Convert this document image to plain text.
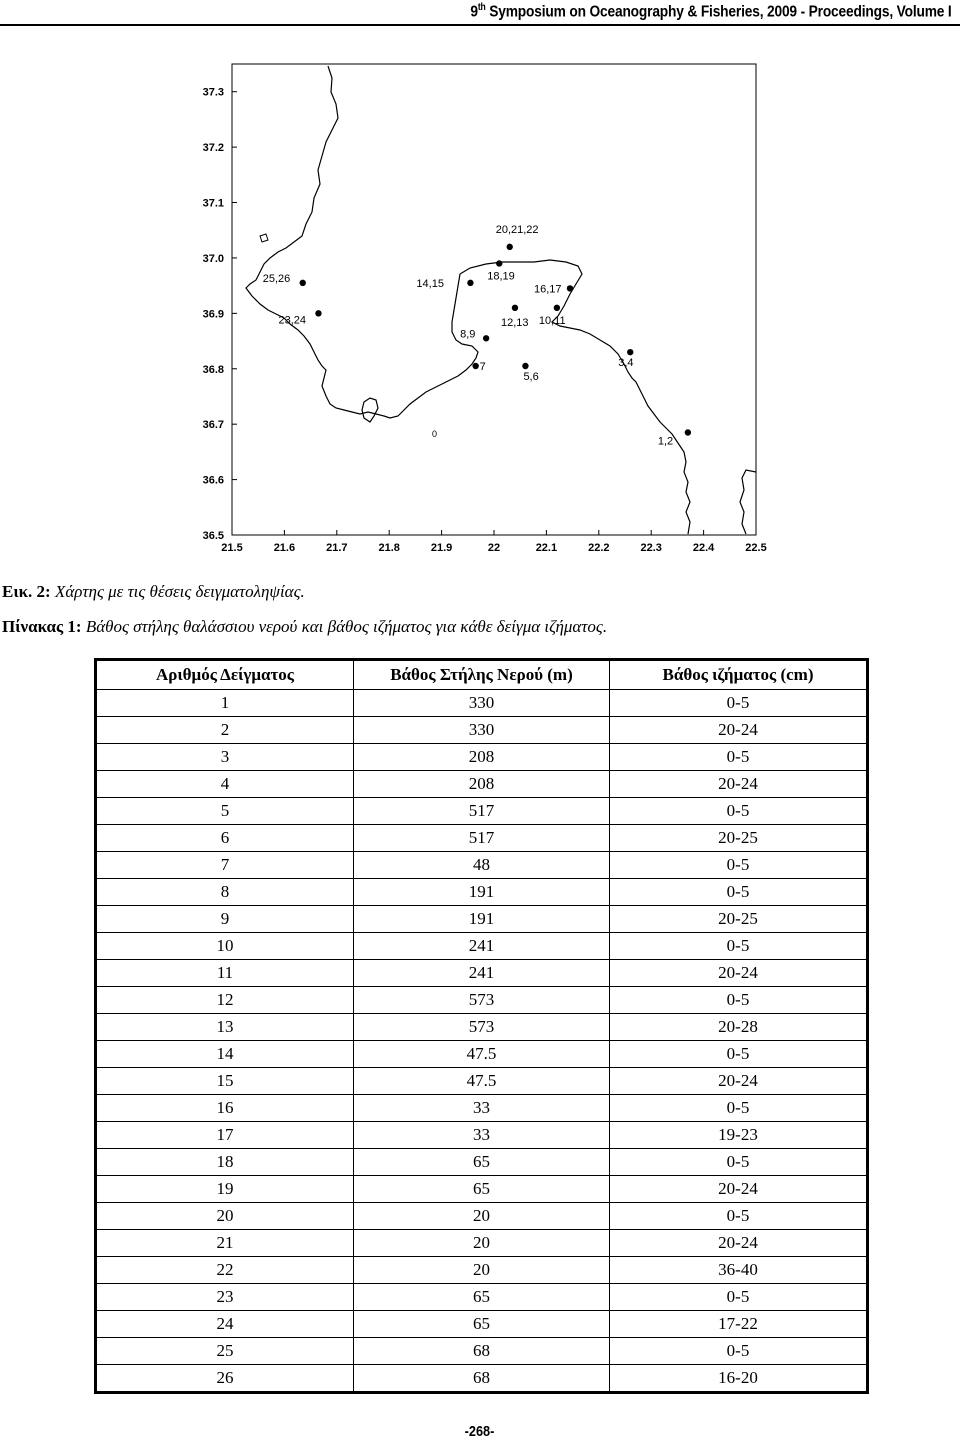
9th Symposium on Oceanography & Fisheries, 2009 - Proceedings, Volume I
0
37.3
37.2
37.1
37.0
36.9
36.8
36.7
36.6
36.5
21.5	21.6	21.7	21.8	21.9	22	22.1	22.2	22.3	22.4	22.5
20,21,22
18,19
14,15	16,17
25,26
23,24	12,13 10,11
8,9
7
5,6
3,4
1,2
Εικ. 2: Χάρτης με τις θέσεις δειγματοληψίας.
Πίνακας 1: Βάθος στήλης θαλάσσιου νερού και βάθος ιζήματος για κάθε δείγμα ιζήματος.
Αριθμός Δείγματος	Βάθος Στήλης Νερού (m)	Βάθος ιζήματος (cm)
1	330	0-5
2	330	20-24
3	208	0-5
4	208	20-24
5	517	0-5
6	517	20-25
7	48	0-5
8	191	0-5
9	191	20-25
10	241	0-5
11	241	20-24
12	573	0-5
13	573	20-28
14	47.5	0-5
15	47.5	20-24
16	33	0-5
17	33	19-23
18	65	0-5
19	65	20-24
20	20	0-5
21	20	20-24
22	20	36-40
23	65	0-5
24	65	17-22
25	68	0-5
26	68	16-20
-268-
